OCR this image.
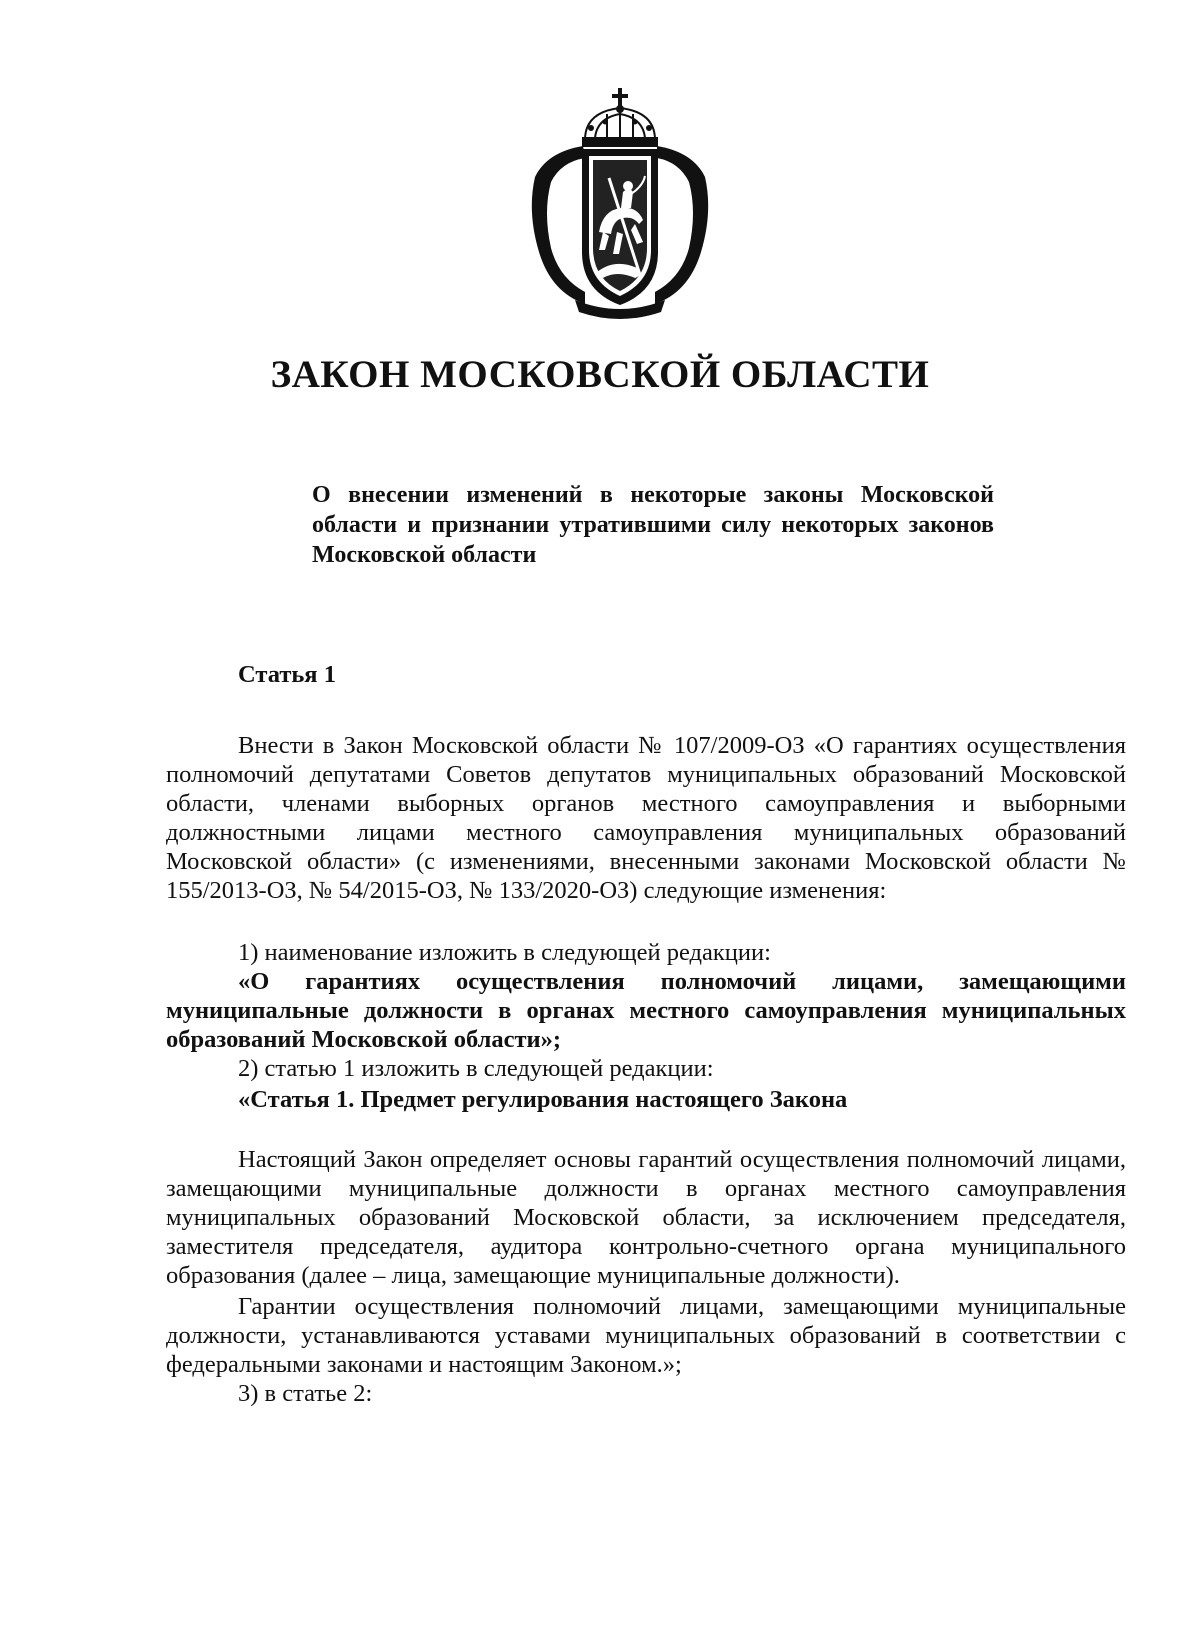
ЗАКОН МОСКОВСКОЙ ОБЛАСТИ

О внесении изменений в некоторые законы Московской области и признании утратившими силу некоторых законов Московской области

Статья 1

Внести в Закон Московской области № 107/2009-ОЗ «О гарантиях осуществления полномочий депутатами Советов депутатов муниципальных образований Московской области, членами выборных органов местного самоуправления и выборными должностными лицами местного самоуправления муниципальных образований Московской области» (с изменениями, внесенными законами Московской области № 155/2013-ОЗ, № 54/2015-ОЗ, № 133/2020-ОЗ) следующие изменения:

1) наименование изложить в следующей редакции:

«О гарантиях осуществления полномочий лицами, замещающими муниципальные должности в органах местного самоуправления муниципальных образований Московской области»;

2) статью 1 изложить в следующей редакции:

«Статья 1. Предмет регулирования настоящего Закона

Настоящий Закон определяет основы гарантий осуществления полномочий лицами, замещающими муниципальные должности в органах местного самоуправления муниципальных образований Московской области, за исключением председателя, заместителя председателя, аудитора контрольно-счетного органа муниципального образования (далее – лица, замещающие муниципальные должности).

Гарантии осуществления полномочий лицами, замещающими муниципальные должности, устанавливаются уставами муниципальных образований в соответствии с федеральными законами и настоящим Законом.»;

3) в статье 2:
